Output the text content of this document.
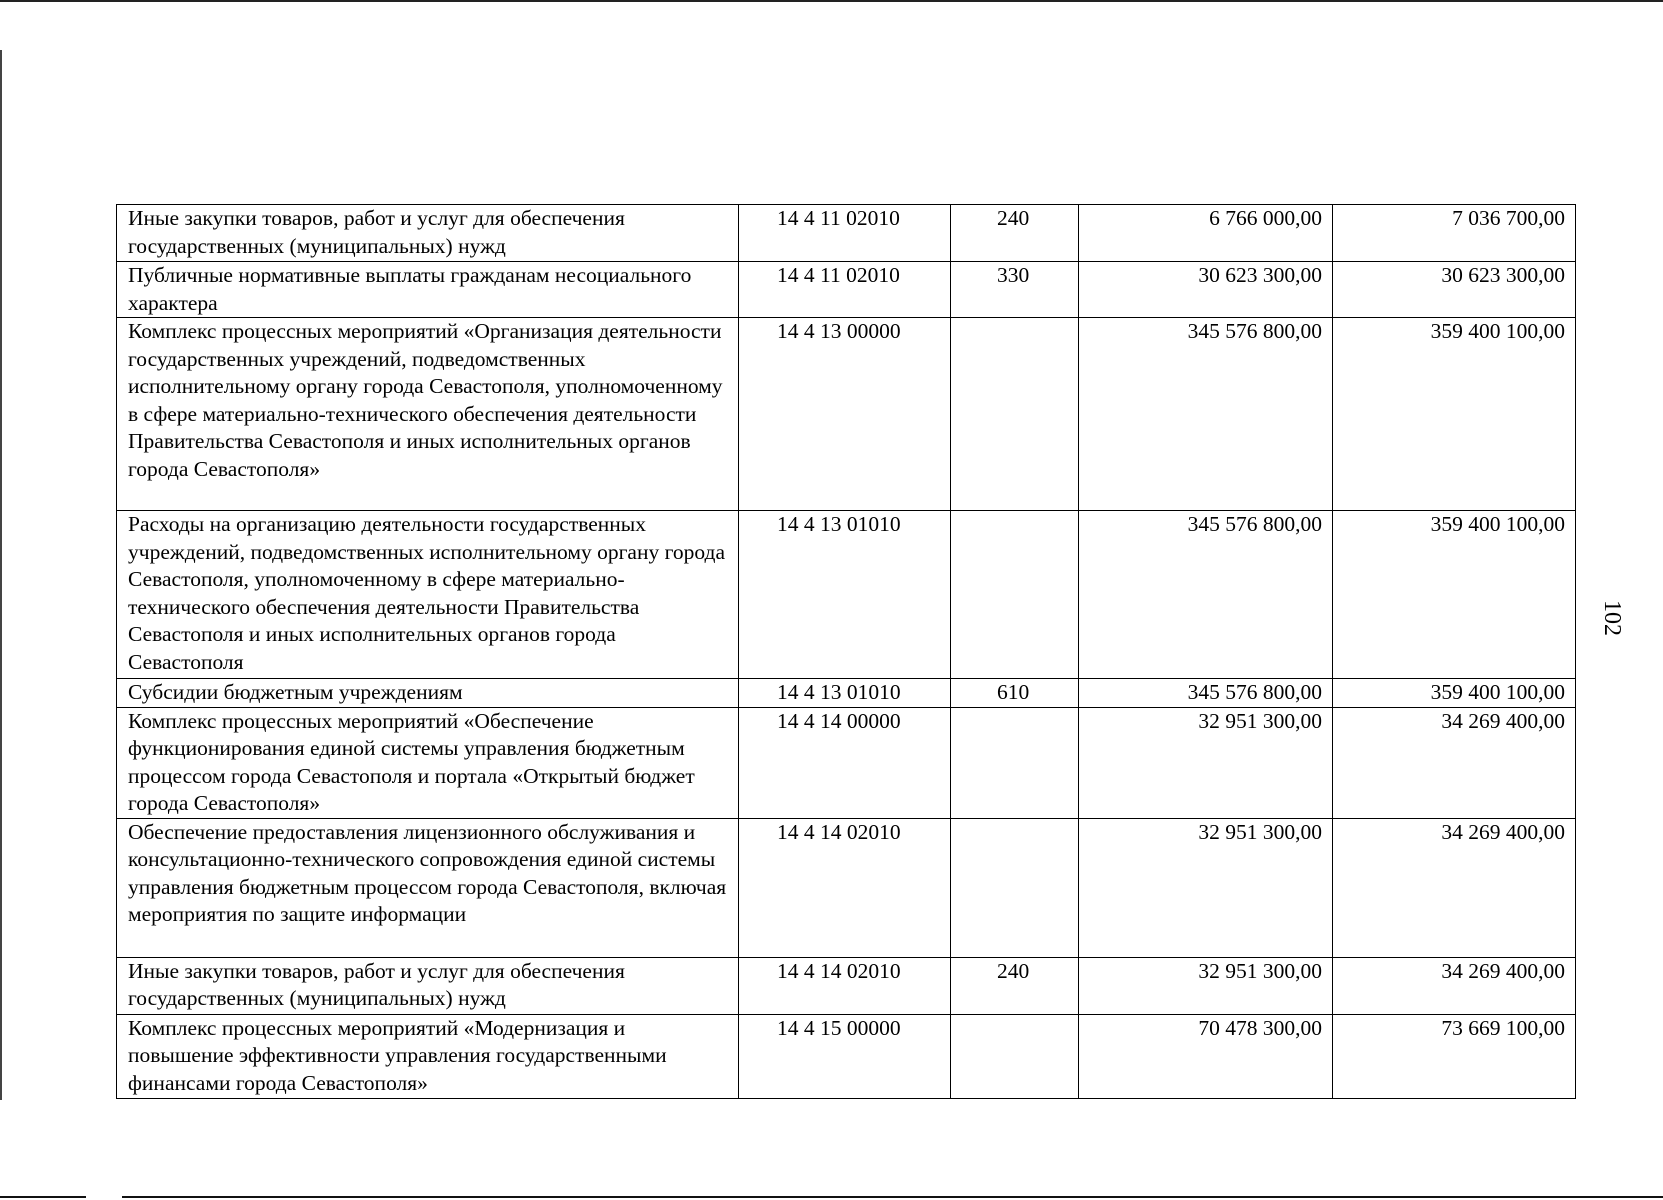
Иные закупки товаров, работ и услуг для обеспечения государственных (муниципальных) нужд	14 4 11 02010	240	6 766 000,00	7 036 700,00
Публичные нормативные выплаты гражданам несоциального характера	14 4 11 02010	330	30 623 300,00	30 623 300,00
Комплекс процессных мероприятий «Организация деятельности государственных учреждений, подведомственных исполнительному органу города Севастополя, уполномоченному в сфере материально-технического обеспечения деятельности Правительства Севастополя и иных исполнительных органов города Севастополя»	14 4 13 00000		345 576 800,00	359 400 100,00
Расходы на организацию деятельности государственных учреждений, подведомственных исполнительному органу города Севастополя, уполномоченному в сфере материально-технического обеспечения деятельности Правительства Севастополя и иных исполнительных органов города Севастополя	14 4 13 01010		345 576 800,00	359 400 100,00
Субсидии бюджетным учреждениям	14 4 13 01010	610	345 576 800,00	359 400 100,00
Комплекс процессных мероприятий «Обеспечение функционирования единой системы управления бюджетным процессом города Севастополя и портала «Открытый бюджет города Севастополя»	14 4 14 00000		32 951 300,00	34 269 400,00
Обеспечение предоставления лицензионного обслуживания и консультационно-технического сопровождения единой системы управления бюджетным процессом города Севастополя, включая мероприятия по защите информации	14 4 14 02010		32 951 300,00	34 269 400,00
Иные закупки товаров, работ и услуг для обеспечения государственных (муниципальных) нужд	14 4 14 02010	240	32 951 300,00	34 269 400,00
Комплекс процессных мероприятий «Модернизация и повышение эффективности управления государственными финансами города Севастополя»	14 4 15 00000		70 478 300,00	73 669 100,00
102
